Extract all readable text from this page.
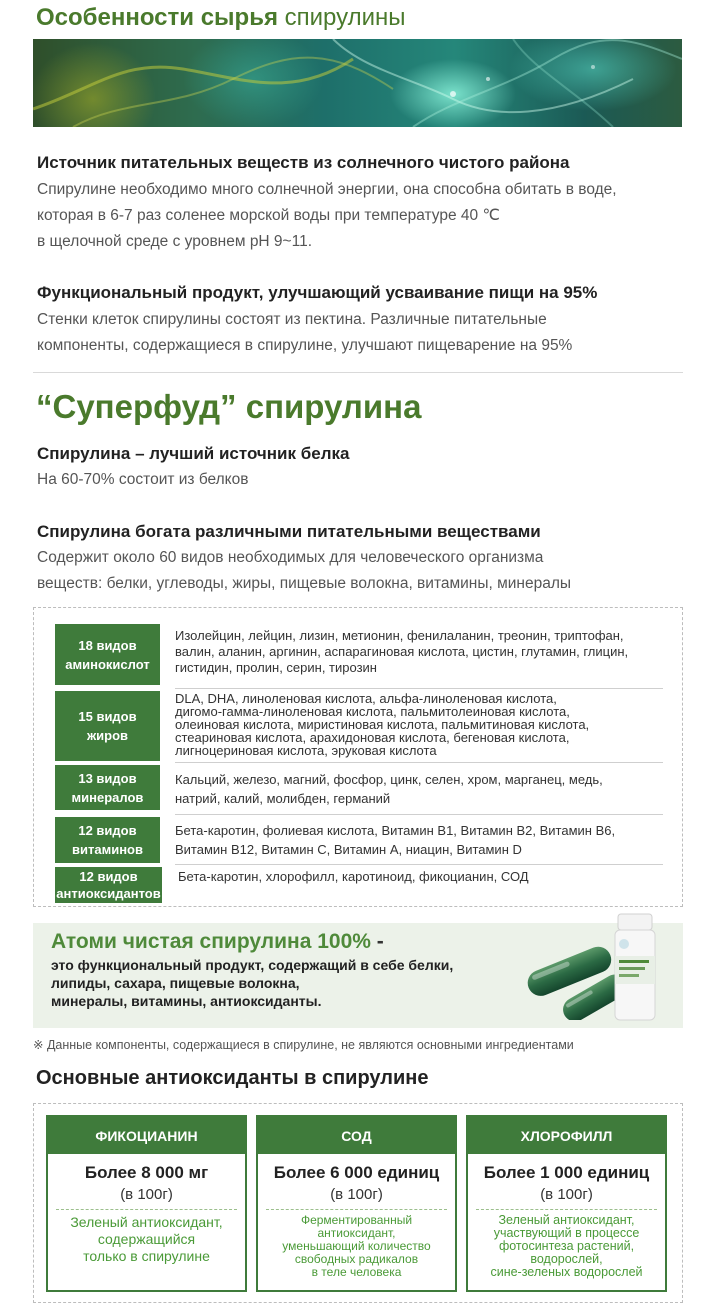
Особенности сырья спирулины
Источник питательных веществ из солнечного чистого района
Спирулине необходимо много солнечной энергии, она способна обитать в воде,
которая в 6-7 раз соленее морской воды при температуре 40 ℃
в щелочной среде с уровнем pH 9~11.
Функциональный продукт, улучшающий усваивание пищи на 95%
Стенки клеток спирулины состоят из пектина. Различные питательные
компоненты, содержащиеся в спирулине, улучшают пищеварение на 95%
“Суперфуд” спирулина
Спирулина – лучший источник белка
На 60-70% состоит из белков
Спирулина богата различными питательными веществами
Содержит около 60 видов необходимых для человеческого организма
веществ: белки, углеводы, жиры, пищевые волокна, витамины, минералы
18 видов
аминокислот
Изолейцин, лейцин, лизин, метионин, фенилаланин, треонин, триптофан,
валин, аланин, аргинин, аспарагиновая кислота, цистин, глутамин, глицин,
гистидин, пролин, серин, тирозин
15 видов
жиров
DLA, DHA, линоленовая кислота, альфа-линоленовая кислота,
дигомо-гамма-линоленовая кислота, пальмитолеиновая кислота,
олеиновая кислота, миристиновая кислота, пальмитиновая кислота,
стеариновая кислота, арахидоновая кислота, бегеновая кислота,
лигноцериновая кислота, эруковая кислота
13 видов
минералов
Кальций, железо, магний, фосфор, цинк, селен, хром, марганец, медь,
натрий, калий, молибден, германий
12 видов
витаминов
Бета-каротин, фолиевая кислота, Витамин B1, Витамин B2, Витамин B6,
Витамин B12, Витамин C, Витамин A, ниацин, Витамин D
12 видов
антиоксидантов
Бета-каротин, хлорофилл, каротиноид, фикоцианин, СОД
Атоми чистая спирулина 100% -
это функциональный продукт, содержащий в себе белки,
липиды, сахара, пищевые волокна,
минералы, витамины, антиоксиданты.
※ Данные компоненты, содержащиеся в спирулине, не являются основными ингредиентами
Основные антиоксиданты в спирулине
ФИКОЦИАНИН
Более 8 000 мг
(в 100г)
Зеленый антиоксидант,
содержащийся
только в спирулине
СОД
Более 6 000 единиц
(в 100г)
Ферментированный
антиоксидант,
уменьшающий количество
свободных радикалов
в теле человека
ХЛОРОФИЛЛ
Более 1 000 единиц
(в 100г)
Зеленый антиоксидант,
участвующий в процессе
фотосинтеза растений,
водорослей,
сине-зеленых водорослей
